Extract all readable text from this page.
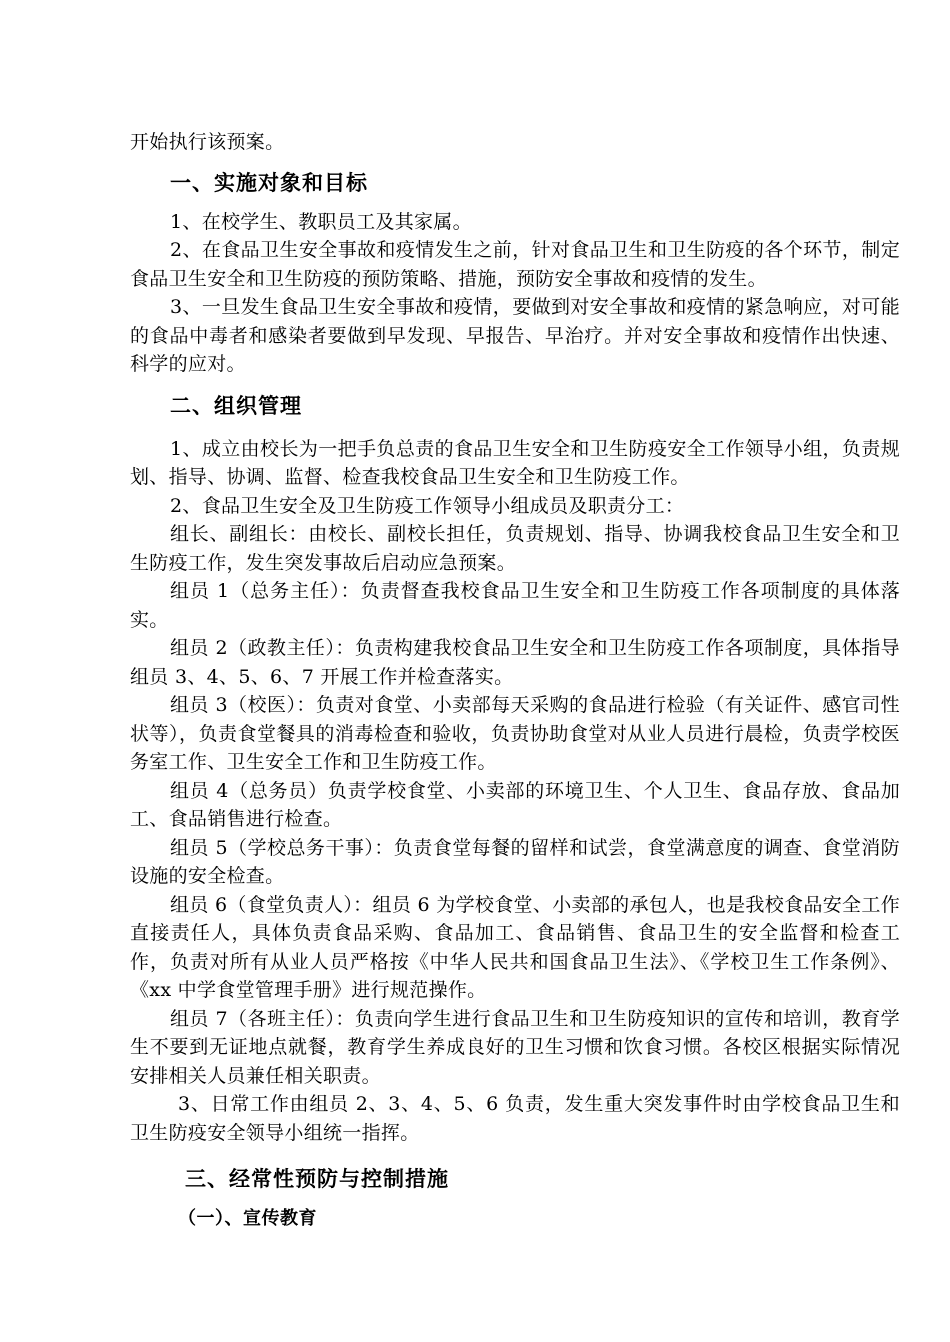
开始执行该预案。

一、实施对象和目标

1、在校学生、教职员工及其家属。

2、在食品卫生安全事故和疫情发生之前，针对食品卫生和卫生防疫的各个环节，制定食品卫生安全和卫生防疫的预防策略、措施，预防安全事故和疫情的发生。

3、一旦发生食品卫生安全事故和疫情，要做到对安全事故和疫情的紧急响应，对可能的食品中毒者和感染者要做到早发现、早报告、早治疗。并对安全事故和疫情作出快速、科学的应对。

二、组织管理

1、成立由校长为一把手负总责的食品卫生安全和卫生防疫安全工作领导小组，负责规划、指导、协调、监督、检查我校食品卫生安全和卫生防疫工作。

2、食品卫生安全及卫生防疫工作领导小组成员及职责分工：

组长、副组长：由校长、副校长担任，负责规划、指导、协调我校食品卫生安全和卫生防疫工作，发生突发事故后启动应急预案。

组员 1（总务主任）：负责督查我校食品卫生安全和卫生防疫工作各项制度的具体落实。

组员 2（政教主任）：负责构建我校食品卫生安全和卫生防疫工作各项制度，具体指导组员 3、4、5、6、7 开展工作并检查落实。

组员 3（校医）：负责对食堂、小卖部每天采购的食品进行检验（有关证件、感官司性状等），负责食堂餐具的消毒检查和验收，负责协助食堂对从业人员进行晨检，负责学校医务室工作、卫生安全工作和卫生防疫工作。

组员 4（总务员）负责学校食堂、小卖部的环境卫生、个人卫生、食品存放、食品加工、食品销售进行检查。

组员 5（学校总务干事）：负责食堂每餐的留样和试尝，食堂满意度的调查、食堂消防设施的安全检查。

组员 6（食堂负责人）：组员 6 为学校食堂、小卖部的承包人，也是我校食品安全工作直接责任人，具体负责食品采购、食品加工、食品销售、食品卫生的安全监督和检查工作，负责对所有从业人员严格按《中华人民共和国食品卫生法》、《学校卫生工作条例》、《xx 中学食堂管理手册》进行规范操作。

组员 7（各班主任）：负责向学生进行食品卫生和卫生防疫知识的宣传和培训，教育学生不要到无证地点就餐，教育学生养成良好的卫生习惯和饮食习惯。各校区根据实际情况安排相关人员兼任相关职责。

3、日常工作由组员 2、3、4、5、6 负责，发生重大突发事件时由学校食品卫生和卫生防疫安全领导小组统一指挥。

三、经常性预防与控制措施
（一）、宣传教育
